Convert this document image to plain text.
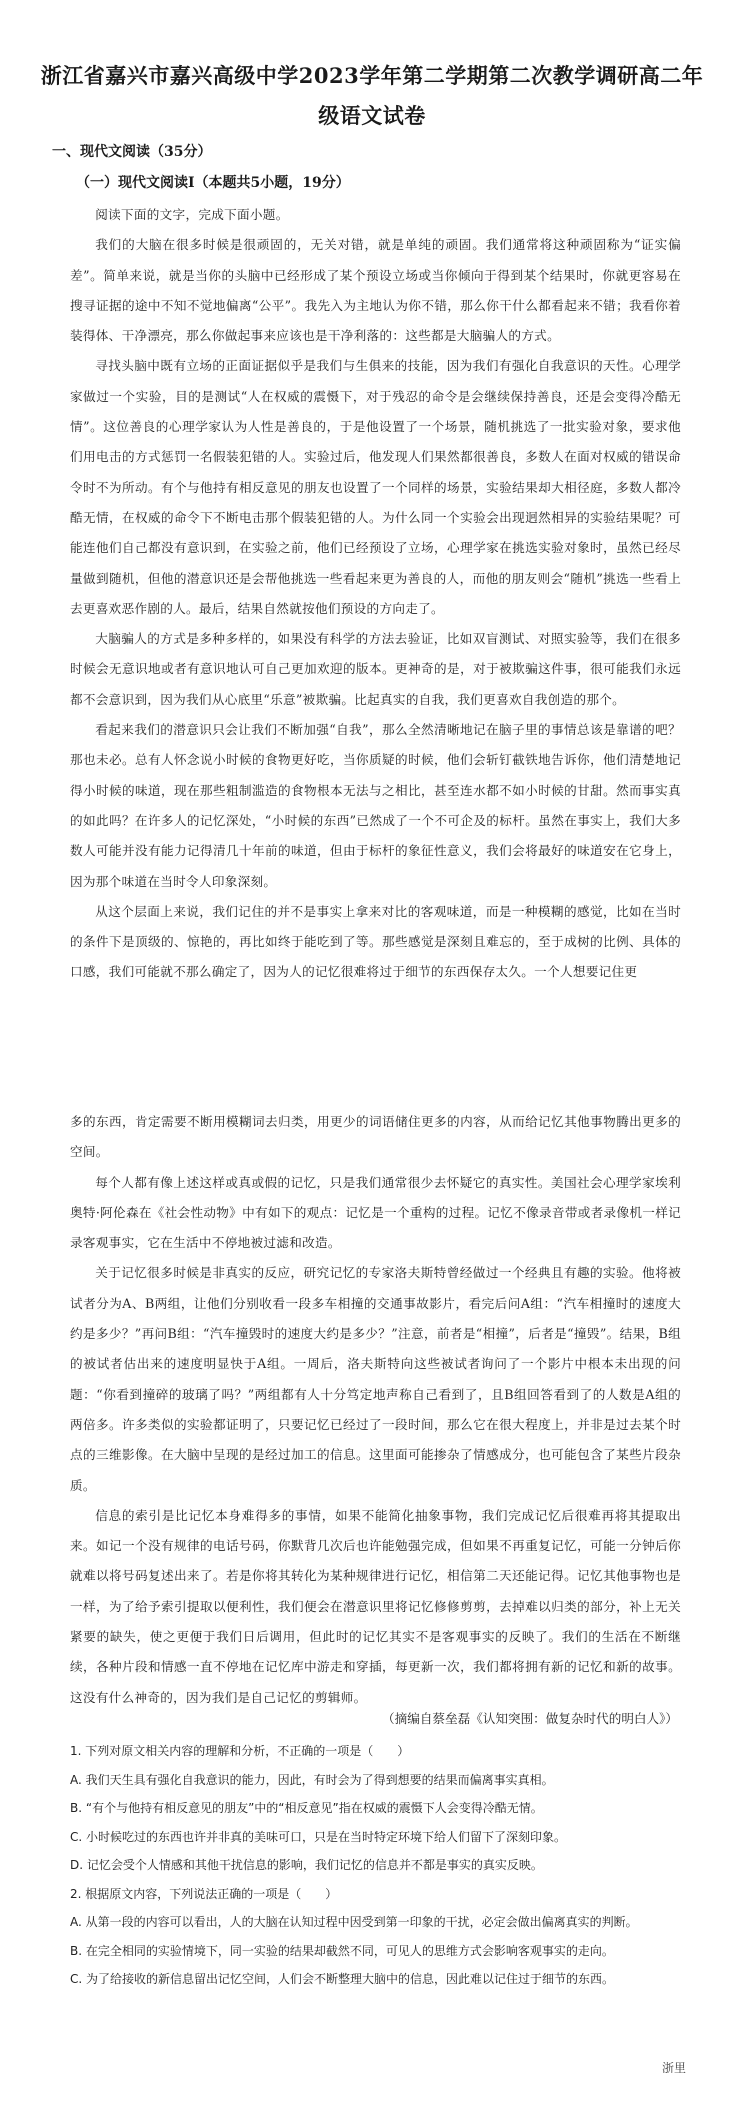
浙江省嘉兴市嘉兴高级中学2023学年第二学期第二次教学调研高二年级语文试卷
一、现代文阅读（35分）
（一）现代文阅读Ⅰ（本题共5小题，19分）

阅读下面的文字，完成下面小题。

我们的大脑在很多时候是很顽固的，无关对错，就是单纯的顽固。我们通常将这种顽固称为“证实偏差”。简单来说，就是当你的头脑中已经形成了某个预设立场或当你倾向于得到某个结果时，你就更容易在搜寻证据的途中不知不觉地偏离“公平”。我先入为主地认为你不错，那么你干什么都看起来不错；我看你着装得体、干净漂亮，那么你做起事来应该也是干净利落的：这些都是大脑骗人的方式。

寻找头脑中既有立场的正面证据似乎是我们与生俱来的技能，因为我们有强化自我意识的天性。心理学家做过一个实验，目的是测试“人在权威的震慑下，对于残忍的命令是会继续保持善良，还是会变得冷酷无情”。这位善良的心理学家认为人性是善良的，于是他设置了一个场景，随机挑选了一批实验对象，要求他们用电击的方式惩罚一名假装犯错的人。实验过后，他发现人们果然都很善良，多数人在面对权威的错误命令时不为所动。有个与他持有相反意见的朋友也设置了一个同样的场景，实验结果却大相径庭，多数人都冷酷无情，在权威的命令下不断电击那个假装犯错的人。为什么同一个实验会出现迥然相异的实验结果呢？可能连他们自己都没有意识到，在实验之前，他们已经预设了立场，心理学家在挑选实验对象时，虽然已经尽量做到随机，但他的潜意识还是会帮他挑选一些看起来更为善良的人，而他的朋友则会“随机”挑选一些看上去更喜欢恶作剧的人。最后，结果自然就按他们预设的方向走了。

大脑骗人的方式是多种多样的，如果没有科学的方法去验证，比如双盲测试、对照实验等，我们在很多时候会无意识地或者有意识地认可自己更加欢迎的版本。更神奇的是，对于被欺骗这件事，很可能我们永远都不会意识到，因为我们从心底里“乐意”被欺骗。比起真实的自我，我们更喜欢自我创造的那个。

看起来我们的潜意识只会让我们不断加强“自我”，那么全然清晰地记在脑子里的事情总该是靠谱的吧？那也未必。总有人怀念说小时候的食物更好吃，当你质疑的时候，他们会斩钉截铁地告诉你，他们清楚地记得小时候的味道，现在那些粗制滥造的食物根本无法与之相比，甚至连水都不如小时候的甘甜。然而事实真的如此吗？在许多人的记忆深处，“小时候的东西”已然成了一个不可企及的标杆。虽然在事实上，我们大多数人可能并没有能力记得清几十年前的味道，但由于标杆的象征性意义，我们会将最好的味道安在它身上，因为那个味道在当时令人印象深刻。

从这个层面上来说，我们记住的并不是事实上拿来对比的客观味道，而是一种模糊的感觉，比如在当时的条件下是顶级的、惊艳的，再比如终于能吃到了等。那些感觉是深刻且难忘的，至于成树的比例、具体的口感，我们可能就不那么确定了，因为人的记忆很难将过于细节的东西保存太久。一个人想要记住更

多的东西，肯定需要不断用模糊词去归类，用更少的词语储住更多的内容，从而给记忆其他事物腾出更多的空间。

每个人都有像上述这样或真或假的记忆，只是我们通常很少去怀疑它的真实性。美国社会心理学家埃利奥特·阿伦森在《社会性动物》中有如下的观点：记忆是一个重构的过程。记忆不像录音带或者录像机一样记录客观事实，它在生活中不停地被过滤和改造。

关于记忆很多时候是非真实的反应，研究记忆的专家洛夫斯特曾经做过一个经典且有趣的实验。他将被试者分为A、B两组，让他们分别收看一段多车相撞的交通事故影片，看完后问A组：“汽车相撞时的速度大约是多少？”再问B组：“汽车撞毁时的速度大约是多少？”注意，前者是“相撞”，后者是“撞毁”。结果，B组的被试者估出来的速度明显快于A组。一周后，洛夫斯特向这些被试者询问了一个影片中根本未出现的问题：“你看到撞碎的玻璃了吗？”两组都有人十分笃定地声称自己看到了，且B组回答看到了的人数是A组的两倍多。许多类似的实验都证明了，只要记忆已经过了一段时间，那么它在很大程度上，并非是过去某个时点的三维影像。在大脑中呈现的是经过加工的信息。这里面可能掺杂了情感成分，也可能包含了某些片段杂质。

信息的索引是比记忆本身难得多的事情，如果不能简化抽象事物，我们完成记忆后很难再将其提取出来。如记一个没有规律的电话号码，你默背几次后也许能勉强完成，但如果不再重复记忆，可能一分钟后你就难以将号码复述出来了。若是你将其转化为某种规律进行记忆，相信第二天还能记得。记忆其他事物也是一样，为了给予索引提取以便利性，我们便会在潜意识里将记忆修修剪剪，去掉难以归类的部分，补上无关紧要的缺失，使之更便于我们日后调用，但此时的记忆其实不是客观事实的反映了。我们的生活在不断继续，各种片段和情感一直不停地在记忆库中游走和穿插，每更新一次，我们都将拥有新的记忆和新的故事。这没有什么神奇的，因为我们是自己记忆的剪辑师。

（摘编自蔡垒磊《认知突围：做复杂时代的明白人》）
1. 下列对原文相关内容的理解和分析，不正确的一项是（　　）
A. 我们天生具有强化自我意识的能力，因此，有时会为了得到想要的结果而偏离事实真相。
B. “有个与他持有相反意见的朋友”中的“相反意见”指在权威的震慑下人会变得冷酷无情。
C. 小时候吃过的东西也许并非真的美味可口，只是在当时特定环境下给人们留下了深刻印象。
D. 记忆会受个人情感和其他干扰信息的影响，我们记忆的信息并不都是事实的真实反映。
2. 根据原文内容，下列说法正确的一项是（　　）
A. 从第一段的内容可以看出，人的大脑在认知过程中因受到第一印象的干扰，必定会做出偏离真实的判断。
B. 在完全相同的实验情境下，同一实验的结果却截然不同，可见人的思维方式会影响客观事实的走向。
C. 为了给接收的新信息留出记忆空间，人们会不断整理大脑中的信息，因此难以记住过于细节的东西。
浙里
